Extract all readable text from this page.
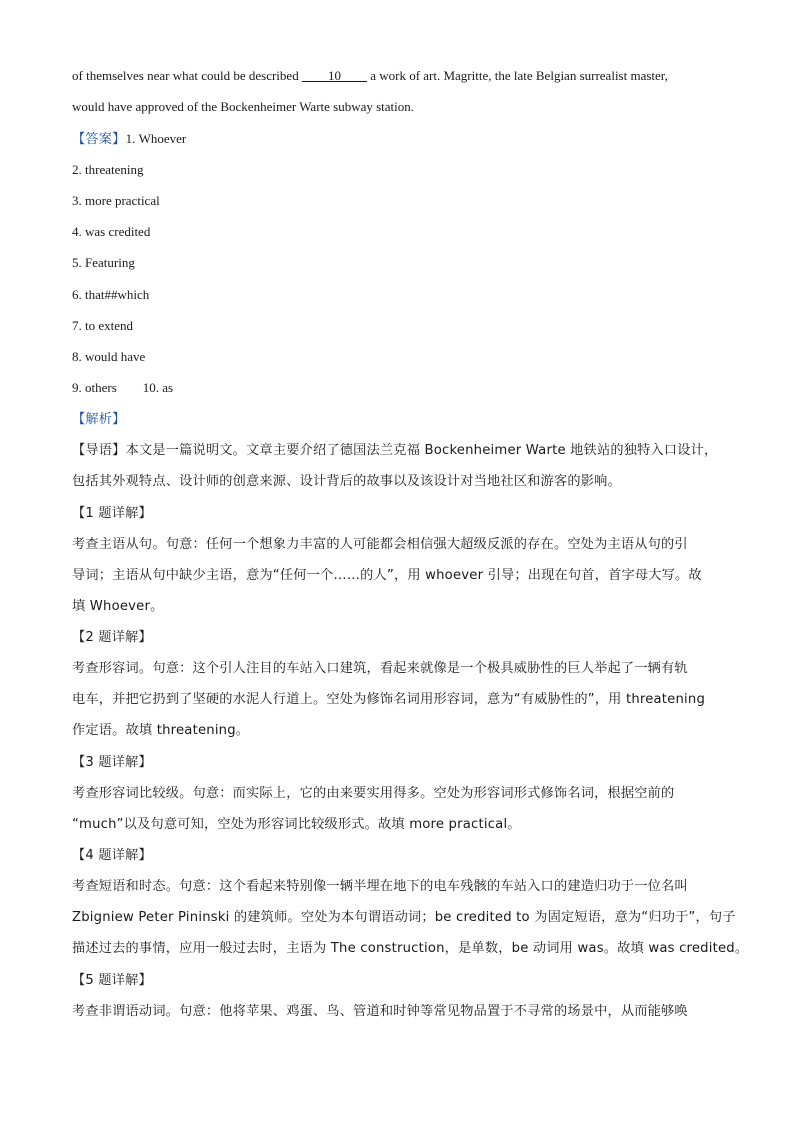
of themselves near what could be described ____10____ a work of art. Magritte, the late Belgian surrealist master,
would have approved of the Bockenheimer Warte subway station.
【答案】1. Whoever
2. threatening
3. more practical
4. was credited
5. Featuring
6. that##which
7. to extend
8. would have
9. others        10. as
【解析】
【导语】本文是一篇说明文。文章主要介绍了德国法兰克福 Bockenheimer Warte 地铁站的独特入口设计，
包括其外观特点、设计师的创意来源、设计背后的故事以及该设计对当地社区和游客的影响。
【1 题详解】
考查主语从句。句意：任何一个想象力丰富的人可能都会相信强大超级反派的存在。空处为主语从句的引
导词；主语从句中缺少主语，意为“任何一个……的人”，用 whoever 引导；出现在句首，首字母大写。故
填 Whoever。
【2 题详解】
考查形容词。句意：这个引人注目的车站入口建筑，看起来就像是一个极具威胁性的巨人举起了一辆有轨
电车，并把它扔到了坚硬的水泥人行道上。空处为修饰名词用形容词，意为“有威胁性的”，用 threatening
作定语。故填 threatening。
【3 题详解】
考查形容词比较级。句意：而实际上，它的由来要实用得多。空处为形容词形式修饰名词，根据空前的
“much”以及句意可知，空处为形容词比较级形式。故填 more practical。
【4 题详解】
考查短语和时态。句意：这个看起来特别像一辆半埋在地下的电车残骸的车站入口的建造归功于一位名叫
Zbigniew Peter Pininski 的建筑师。空处为本句谓语动词；be credited to 为固定短语，意为“归功于”，句子
描述过去的事情，应用一般过去时，主语为 The construction，是单数，be 动词用 was。故填 was credited。
【5 题详解】
考查非谓语动词。句意：他将苹果、鸡蛋、鸟、管道和时钟等常见物品置于不寻常的场景中，从而能够唤
